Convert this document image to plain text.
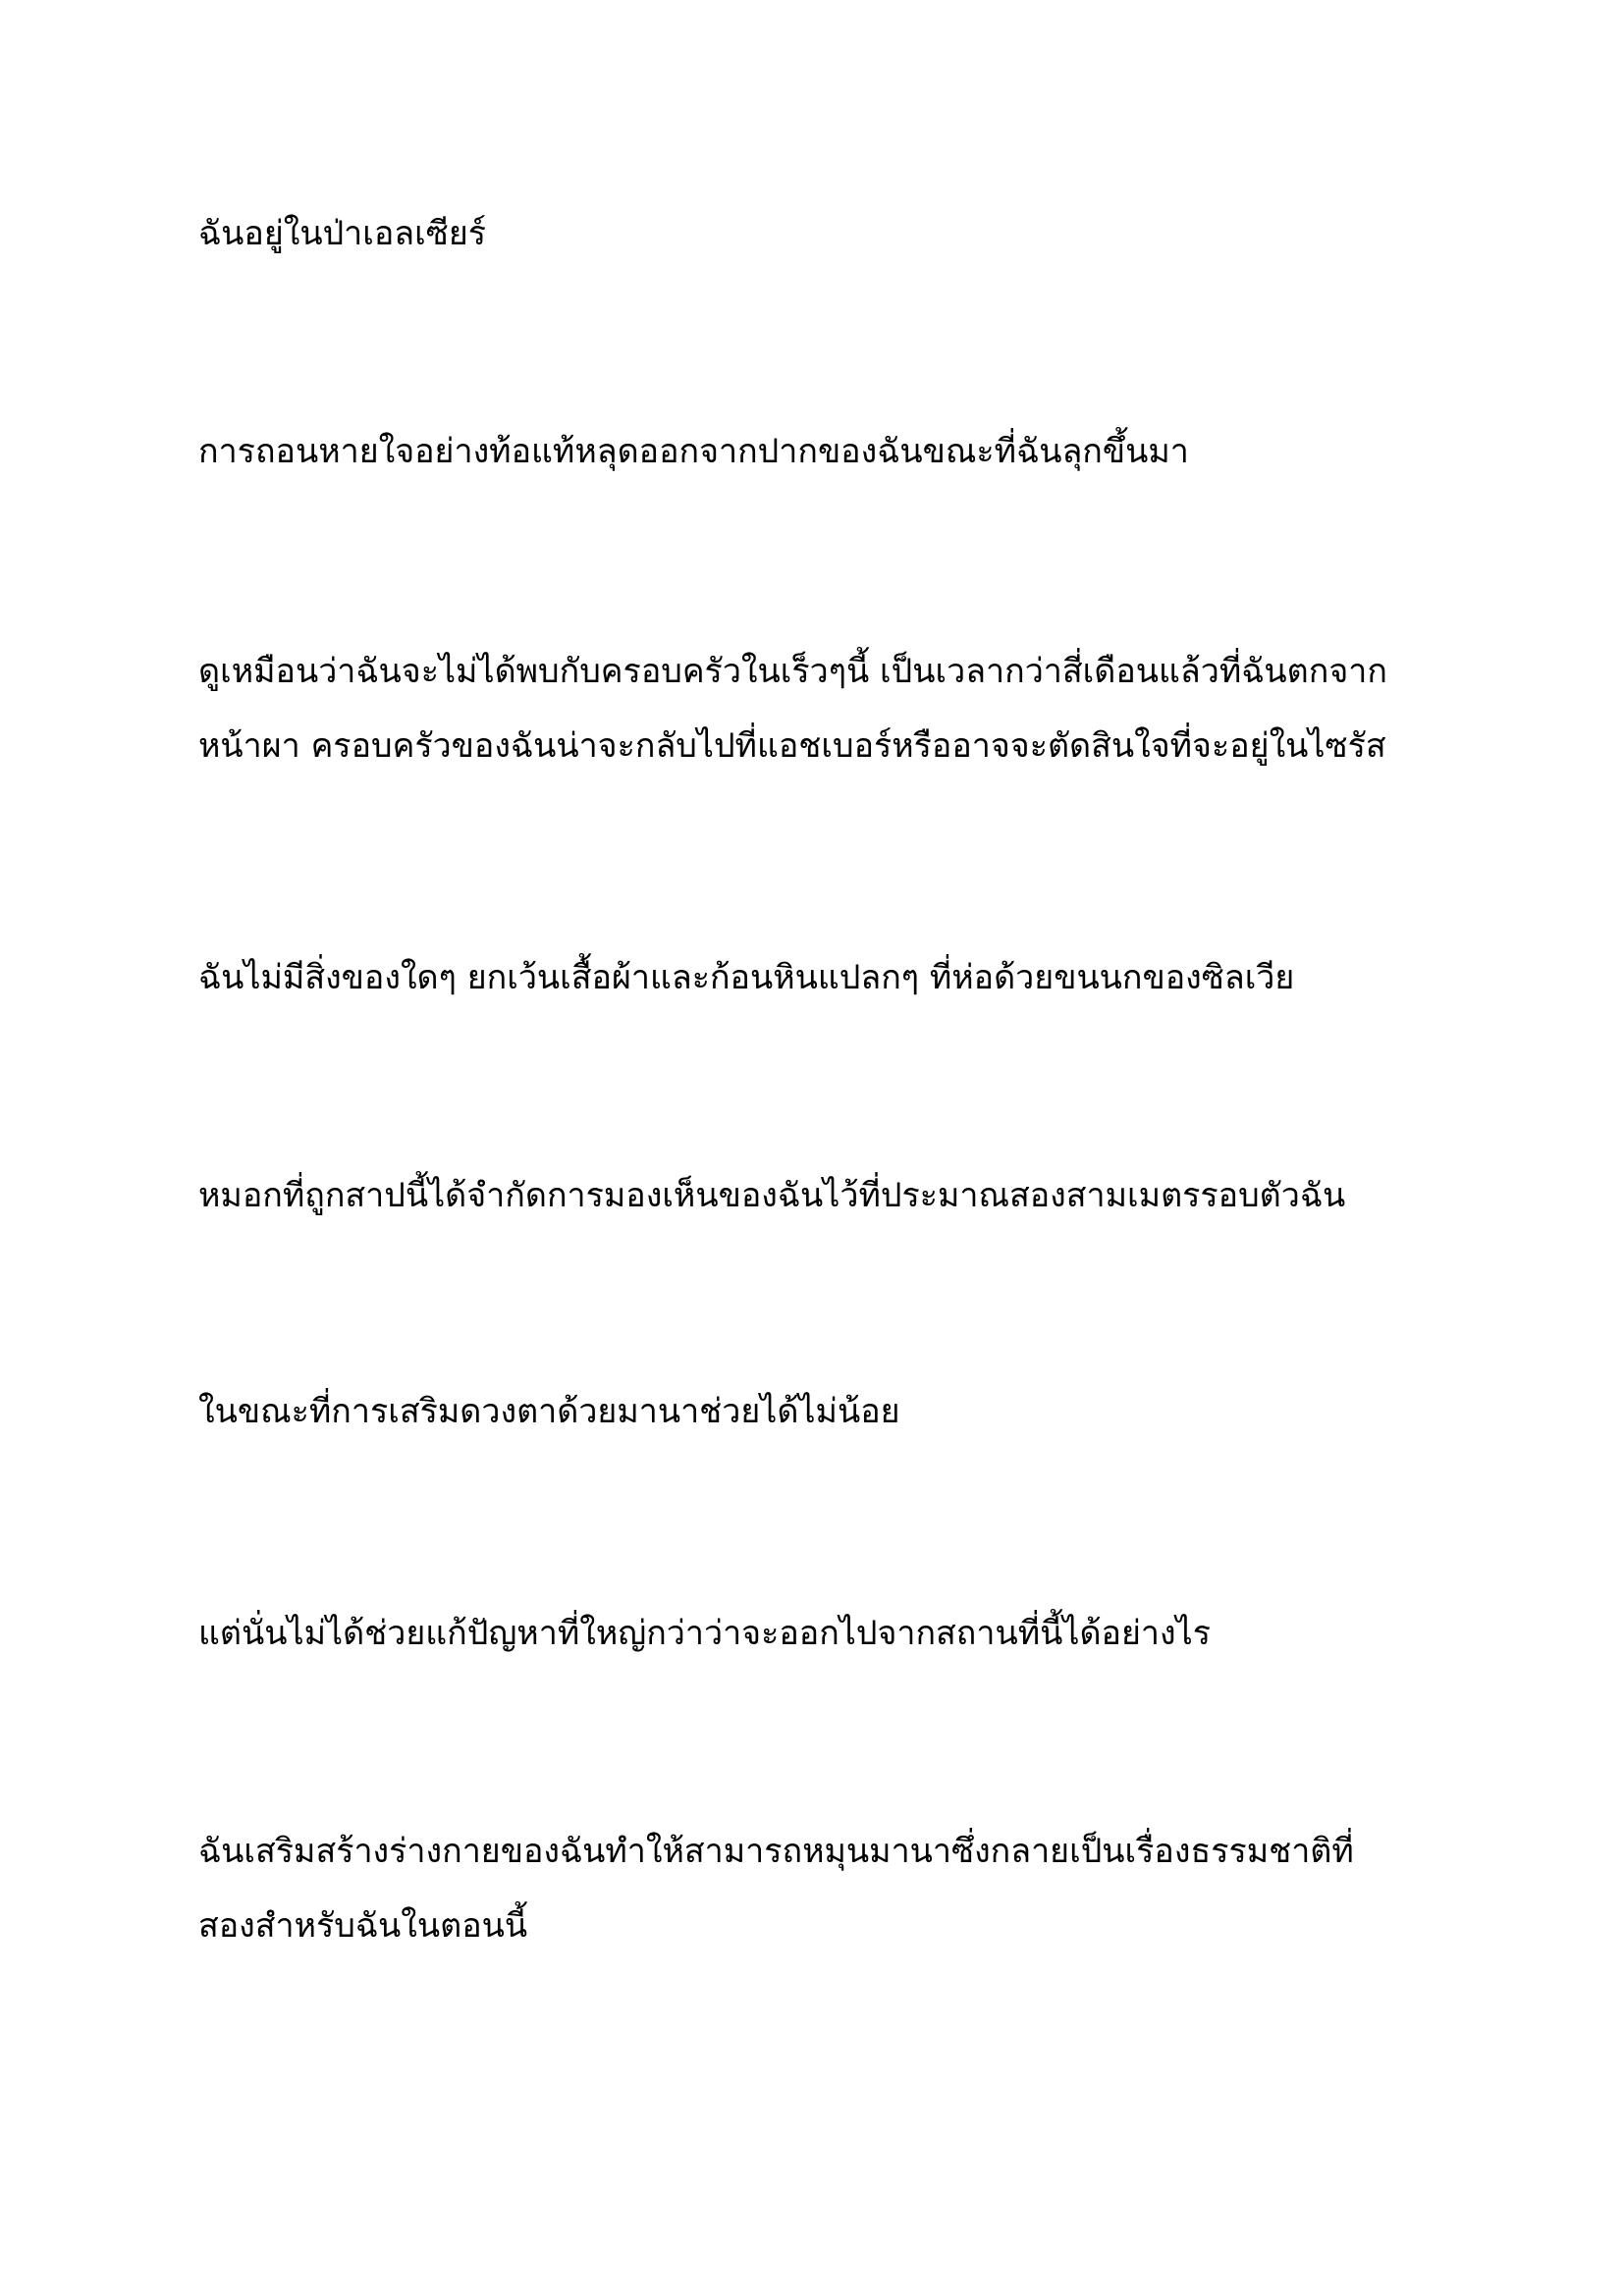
ฉันอยู่ในป่าเอลเซียร์

การถอนหายใจอย่างท้อแท้หลุดออกจากปากของฉันขณะที่ฉันลุกขึ้นมา

ดูเหมือนว่าฉันจะไม่ได้พบกับครอบครัวในเร็วๆนี้ เป็นเวลากว่าสี่เดือนแล้วที่ฉันตกจาก
หน้าผา ครอบครัวของฉันน่าจะกลับไปที่แอชเบอร์หรืออาจจะตัดสินใจที่จะอยู่ในไซรัส

ฉันไม่มีสิ่งของใดๆ ยกเว้นเสื้อผ้าและก้อนหินแปลกๆ ที่ห่อด้วยขนนกของซิลเวีย

หมอกที่ถูกสาปนี้ได้จำกัดการมองเห็นของฉันไว้ที่ประมาณสองสามเมตรรอบตัวฉัน

ในขณะที่การเสริมดวงตาด้วยมานาช่วยได้ไม่น้อย

แต่นั่นไม่ได้ช่วยแก้ปัญหาที่ใหญ่กว่าว่าจะออกไปจากสถานที่นี้ได้อย่างไร

ฉันเสริมสร้างร่างกายของฉันทำให้สามารถหมุนมานาซึ่งกลายเป็นเรื่องธรรมชาติที่
สองสำหรับฉันในตอนนี้
